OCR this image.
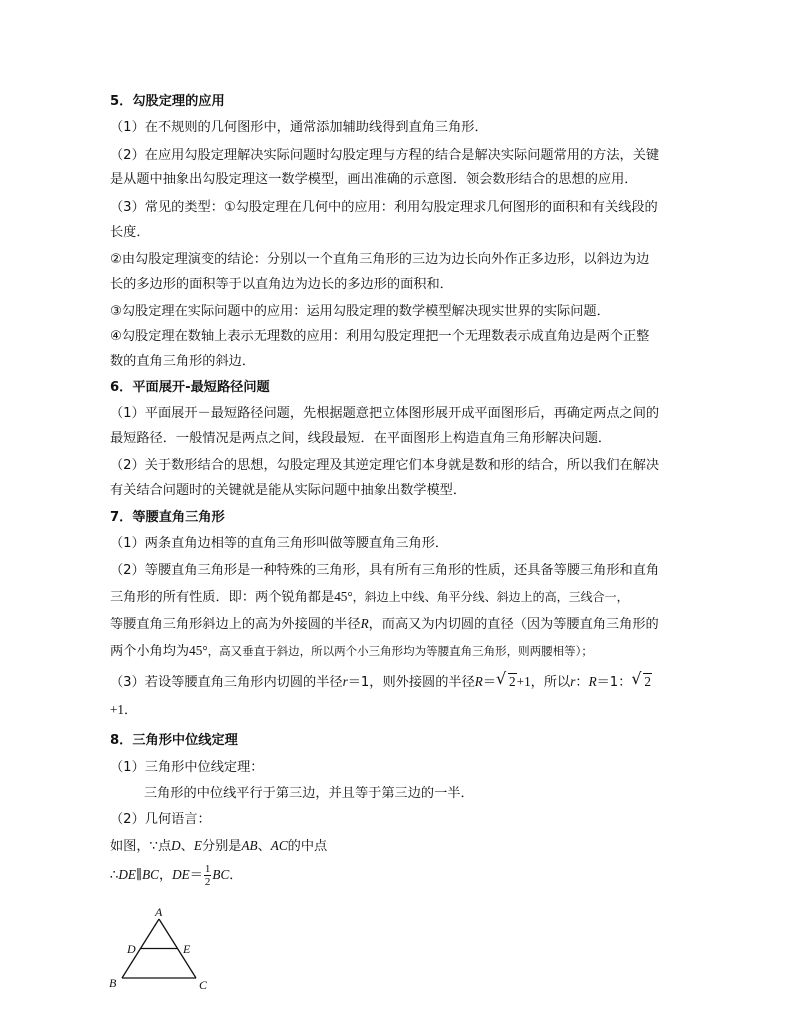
5．勾股定理的应用
（1）在不规则的几何图形中，通常添加辅助线得到直角三角形．
（2）在应用勾股定理解决实际问题时勾股定理与方程的结合是解决实际问题常用的方法，关键
是从题中抽象出勾股定理这一数学模型，画出准确的示意图．领会数形结合的思想的应用．
（3）常见的类型：①勾股定理在几何中的应用：利用勾股定理求几何图形的面积和有关线段的
长度．
②由勾股定理演变的结论：分别以一个直角三角形的三边为边长向外作正多边形，以斜边为边
长的多边形的面积等于以直角边为边长的多边形的面积和．
③勾股定理在实际问题中的应用：运用勾股定理的数学模型解决现实世界的实际问题．
④勾股定理在数轴上表示无理数的应用：利用勾股定理把一个无理数表示成直角边是两个正整
数的直角三角形的斜边．
6．平面展开-最短路径问题
（1）平面展开－最短路径问题，先根据题意把立体图形展开成平面图形后，再确定两点之间的
最短路径．一般情况是两点之间，线段最短．在平面图形上构造直角三角形解决问题．
（2）关于数形结合的思想，勾股定理及其逆定理它们本身就是数和形的结合，所以我们在解决
有关结合问题时的关键就是能从实际问题中抽象出数学模型．
7．等腰直角三角形
（1）两条直角边相等的直角三角形叫做等腰直角三角形．
（2）等腰直角三角形是一种特殊的三角形，具有所有三角形的性质，还具备等腰三角形和直角
三角形的所有性质．即：两个锐角都是45°，斜边上中线、角平分线、斜边上的高，三线合一，
等腰直角三角形斜边上的高为外接圆的半径R，而高又为内切圆的直径（因为等腰直角三角形的
两个小角均为45°，高又垂直于斜边，所以两个小三角形均为等腰直角三角形，则两腰相等）；
（3）若设等腰直角三角形内切圆的半径r＝1，则外接圆的半径R＝ √ 2+1，所以r：R＝1： √ 2
+1．
8．三角形中位线定理
（1）三角形中位线定理：
三角形的中位线平行于第三边，并且等于第三边的一半．
（2）几何语言：
如图，∵点D、E分别是AB、AC的中点
∴DE∥BC，$DE= \frac{1}{2}$ BC．
A
D	E
B	C
